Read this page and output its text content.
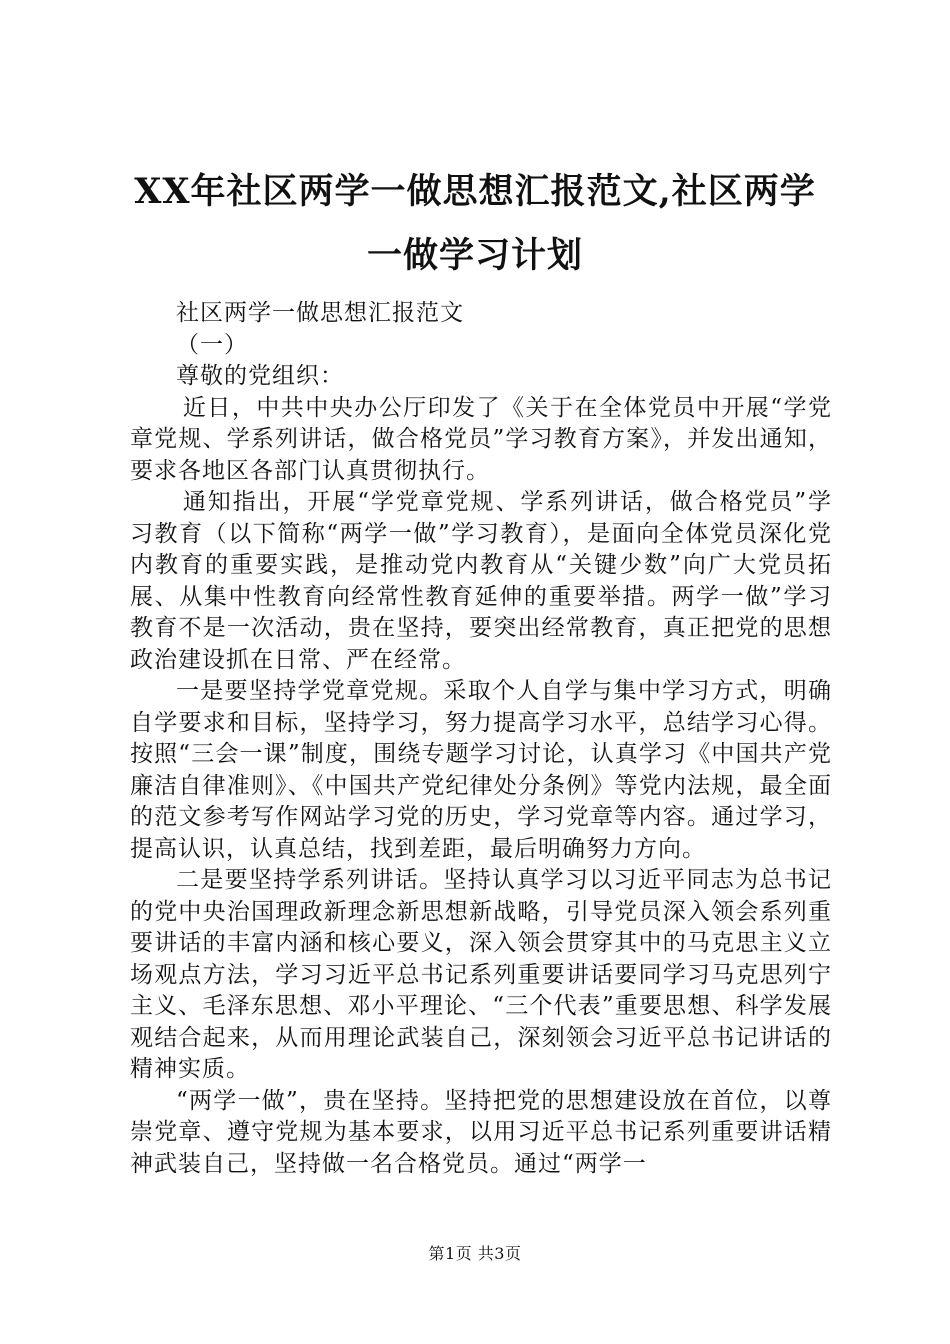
XX年社区两学一做思想汇报范文,社区两学一做学习计划

社区两学一做思想汇报范文

（一）

尊敬的党组织：

近日，中共中央办公厅印发了《关于在全体党员中开展“学党章党规、学系列讲话，做合格党员”学习教育方案》，并发出通知，要求各地区各部门认真贯彻执行。

通知指出，开展“学党章党规、学系列讲话，做合格党员”学习教育（以下简称“两学一做”学习教育），是面向全体党员深化党内教育的重要实践，是推动党内教育从“关键少数”向广大党员拓展、从集中性教育向经常性教育延伸的重要举措。两学一做”学习教育不是一次活动，贵在坚持，要突出经常教育，真正把党的思想政治建设抓在日常、严在经常。

一是要坚持学党章党规。采取个人自学与集中学习方式，明确自学要求和目标，坚持学习，努力提高学习水平，总结学习心得。按照“三会一课”制度，围绕专题学习讨论，认真学习《中国共产党廉洁自律准则》、《中国共产党纪律处分条例》等党内法规，最全面的范文参考写作网站学习党的历史，学习党章等内容。通过学习，提高认识，认真总结，找到差距，最后明确努力方向。

二是要坚持学系列讲话。坚持认真学习以习近平同志为总书记的党中央治国理政新理念新思想新战略，引导党员深入领会系列重要讲话的丰富内涵和核心要义，深入领会贯穿其中的马克思主义立场观点方法，学习习近平总书记系列重要讲话要同学习马克思列宁主义、毛泽东思想、邓小平理论、“三个代表”重要思想、科学发展观结合起来，从而用理论武装自己，深刻领会习近平总书记讲话的精神实质。

“两学一做”，贵在坚持。坚持把党的思想建设放在首位，以尊崇党章、遵守党规为基本要求，以用习近平总书记系列重要讲话精神武装自己，坚持做一名合格党员。通过“两学一

第1页 共3页
